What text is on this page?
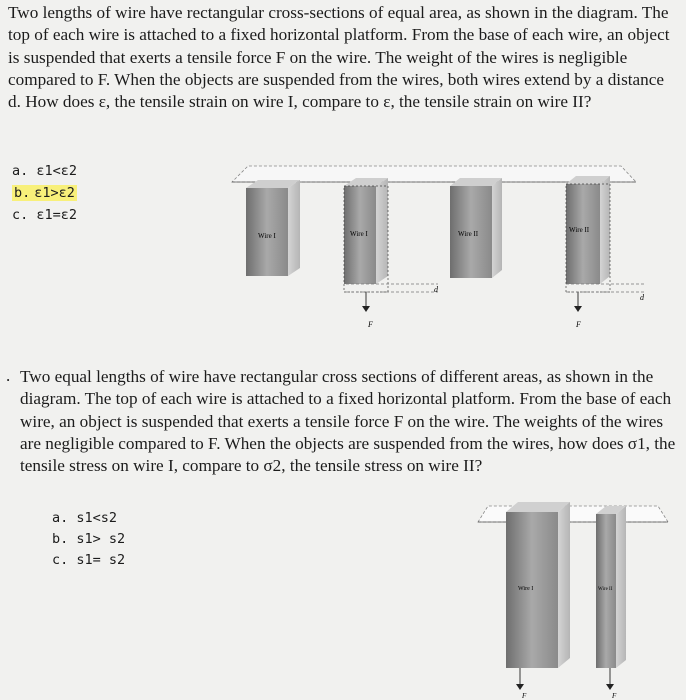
Two lengths of wire have rectangular cross-sections of equal area, as shown in the diagram. The top of each wire is attached to a fixed horizontal platform. From the base of each wire, an object is suspended that exerts a tensile force F on the wire. The weight of the wires is negligible compared to F. When the objects are suspended from the wires, both wires extend by a distance d. How does ε, the tensile strain on wire I, compare to ε, the tensile strain on wire II?
a. ε1<ε2
b. ε1>ε2
c. ε1=ε2
Wire I	Wire I	Wire II	Wire II
d
d
F	F
. Two equal lengths of wire have rectangular cross sections of different areas, as shown in the diagram. The top of each wire is attached to a fixed horizontal platform. From the base of each wire, an object is suspended that exerts a tensile force F on the wire. The weights of the wires are negligible compared to F. When the objects are suspended from the wires, how does σ1, the tensile stress on wire I, compare to σ2, the tensile stress on wire II?
a. s1<s2
b. s1> s2
c. s1= s2
Wire I	Wire II
F	F
